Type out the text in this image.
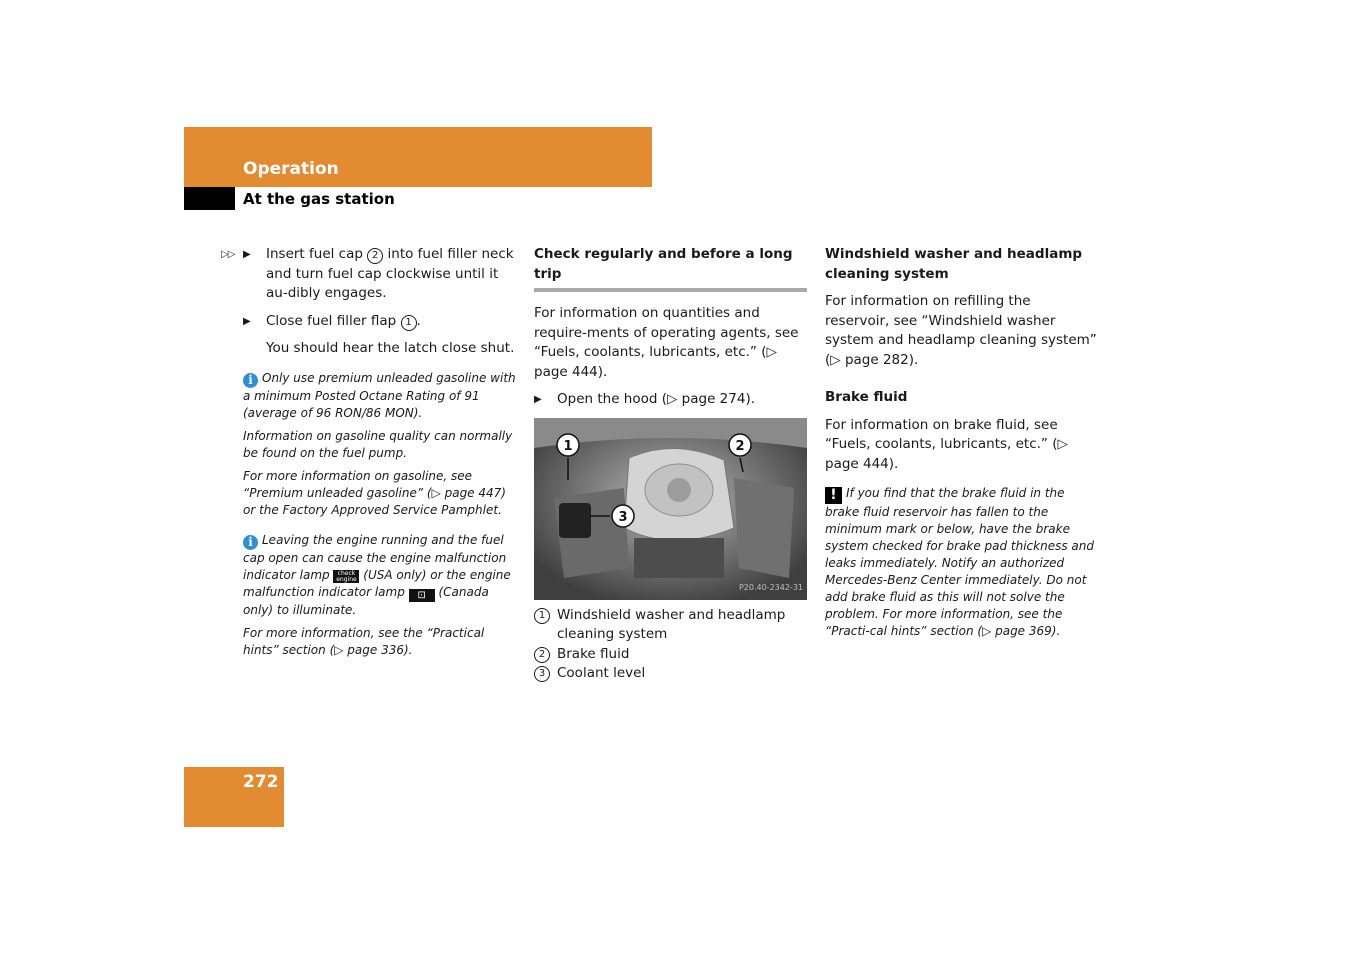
Operation
At the gas station

▷▷ ▶ Insert fuel cap 2 into fuel filler neck and turn fuel cap clockwise until it au-dibly engages.

▶ Close fuel filler flap 1 .

You should hear the latch close shut.

i Only use premium unleaded gasoline with a minimum Posted Octane Rating of 91 (average of 96 RON/86 MON).

Information on gasoline quality can normally be found on the fuel pump.

For more information on gasoline, see “Premium unleaded gasoline” (▷ page 447) or the Factory Approved Service Pamphlet.

i Leaving the engine running and the fuel cap open can cause the engine malfunction indicator lamp check engine (USA only) or the engine malfunction indicator lamp ⊡ (Canada only) to illuminate.

For more information, see the “Practical hints” section (▷ page 336).

Check regularly and before a long trip

For information on quantities and require-ments of operating agents, see “Fuels, coolants, lubricants, etc.” (▷ page 444).

▶ Open the hood (▷ page 274).

1	2
3
P20.40-2342-31
1 Windshield washer and headlamp cleaning system
2 Brake fluid
3 Coolant level

Windshield washer and headlamp cleaning system

For information on refilling the reservoir, see “Windshield washer system and headlamp cleaning system” (▷ page 282).

Brake fluid

For information on brake fluid, see “Fuels, coolants, lubricants, etc.” (▷ page 444).

! If you find that the brake fluid in the brake fluid reservoir has fallen to the minimum mark or below, have the brake system checked for brake pad thickness and leaks immediately. Notify an authorized Mercedes-Benz Center immediately. Do not add brake fluid as this will not solve the problem. For more information, see the “Practi-cal hints” section (▷ page 369).

272
